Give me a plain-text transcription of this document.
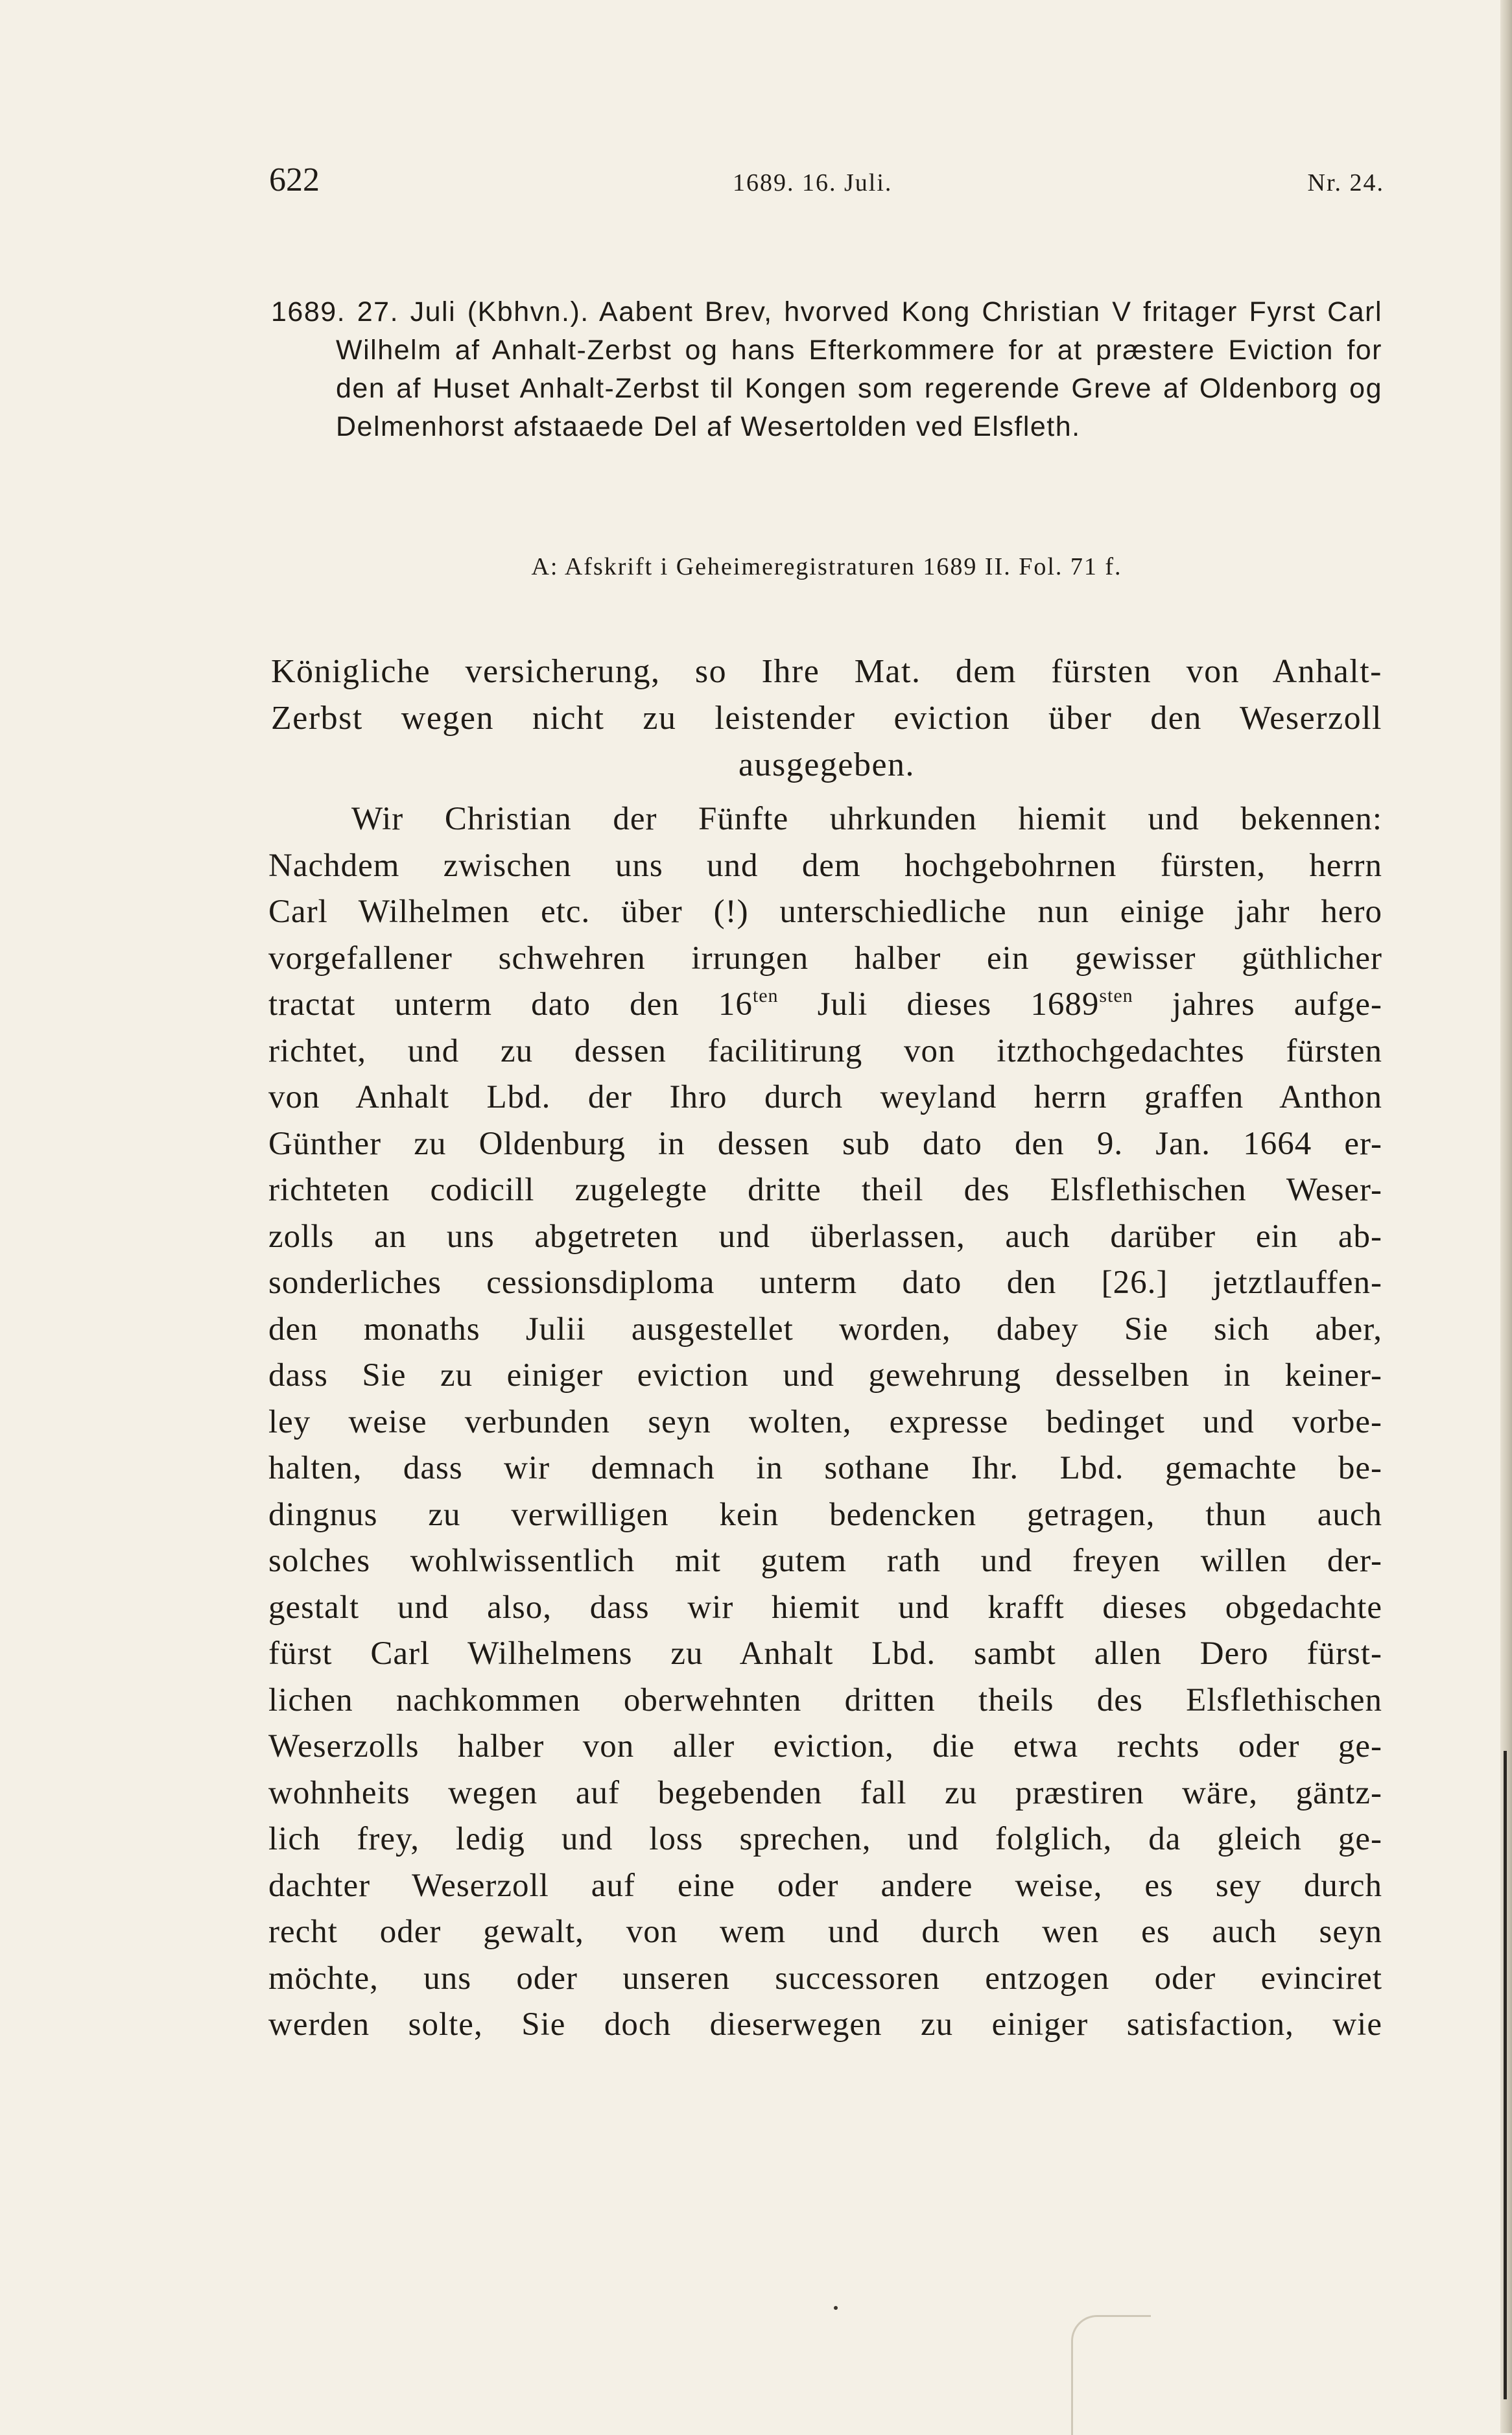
622	1689. 16. Juli.	Nr. 24.
1689. 27. Juli (Kbhvn.). Aabent Brev, hvorved Kong Christian V fritager Fyrst Carl Wilhelm af Anhalt-Zerbst og hans Efterkommere for at præstere Eviction for den af Huset Anhalt-Zerbst til Kongen som regerende Greve af Oldenborg og Delmenhorst afstaaede Del af Wesertolden ved Elsfleth.
A: Afskrift i Geheimeregistraturen 1689 II. Fol. 71 f.
Königliche versicherung, so Ihre Mat. dem fürsten von Anhalt-
Zerbst wegen nicht zu leistender eviction über den Weserzoll
ausgegeben.
Wir Christian der Fünfte uhrkunden hiemit und bekennen:
Nachdem zwischen uns und dem hochgebohrnen fürsten, herrn
Carl Wilhelmen etc. über (!) unterschiedliche nun einige jahr hero
vorgefallener schwehren irrungen halber ein gewisser güthlicher
tractat unterm dato den $16^{ten}$ Juli dieses $1689^{sten}$ jahres aufge-
richtet, und zu dessen facilitirung von itzthochgedachtes fürsten
von Anhalt Lbd. der Ihro durch weyland herrn graffen Anthon
Günther zu Oldenburg in dessen sub dato den 9. Jan. 1664 er-
richteten codicill zugelegte dritte theil des Elsflethischen Weser-
zolls an uns abgetreten und überlassen, auch darüber ein ab-
sonderliches cessionsdiploma unterm dato den [26.] jetztlauffen-
den monaths Julii ausgestellet worden, dabey Sie sich aber,
dass Sie zu einiger eviction und gewehrung desselben in keiner-
ley weise verbunden seyn wolten, expresse bedinget und vorbe-
halten, dass wir demnach in sothane Ihr. Lbd. gemachte be-
dingnus zu verwilligen kein bedencken getragen, thun auch
solches wohlwissentlich mit gutem rath und freyen willen der-
gestalt und also, dass wir hiemit und krafft dieses obgedachte
fürst Carl Wilhelmens zu Anhalt Lbd. sambt allen Dero fürst-
lichen nachkommen oberwehnten dritten theils des Elsflethischen
Weserzolls halber von aller eviction, die etwa rechts oder ge-
wohnheits wegen auf begebenden fall zu præstiren wäre, gäntz-
lich frey, ledig und loss sprechen, und folglich, da gleich ge-
dachter Weserzoll auf eine oder andere weise, es sey durch
recht oder gewalt, von wem und durch wen es auch seyn
möchte, uns oder unseren successoren entzogen oder evinciret
werden solte, Sie doch dieserwegen zu einiger satisfaction, wie
